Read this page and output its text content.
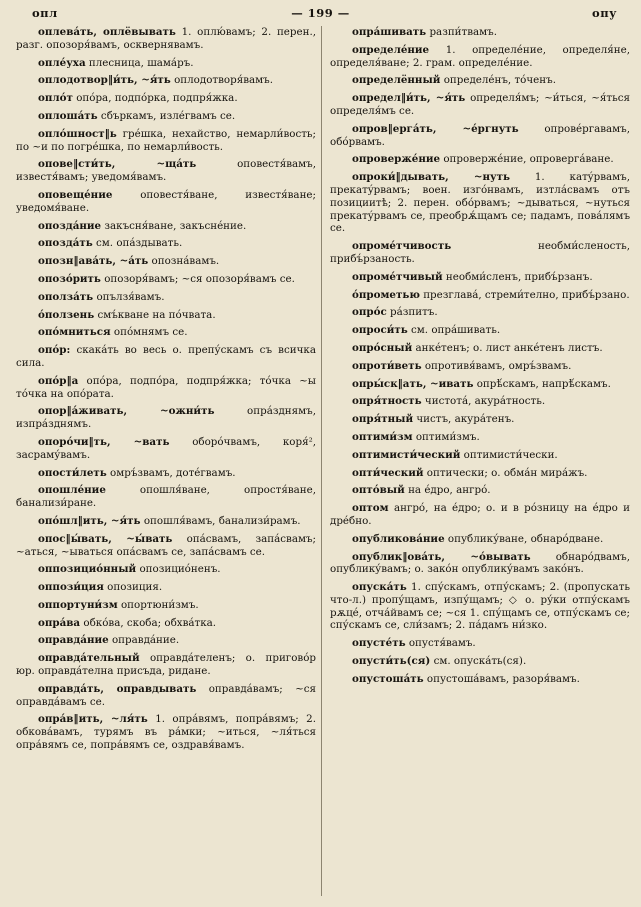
опл	— 199 —	опу

оплевáть, оплёвывать 1. оплю́вамъ; 2. перен., разг. опозоря́вамъ, осквернявамъ.

оплéуха плесница, шама́ръ.

оплодотвор‖и́ть, ~я́ть оплодотворя́вамъ.

оплóт опо́ра, подпо́рка, подпря́жка.

оплошáть сбъркамъ, изле́гвамъ се.

оплóшност‖ь гре́шка, нехайство, немарли́вость; по ~и по погре́шка, по немарли́вость.

опове‖сти́ть, ~щáть	оповестя́вамъ, известя́вамъ; уведомя́вамъ.

оповещéние	оповестя́ване, известя́ване; уведомя́ване.

опоздáние закъсня́ване, закъсне́ние.

опоздáть см. опа́здывать.

опозн‖авáть, ~áть опозна́вамъ.

опозóрить опозоря́вамъ; ~ся опозоря́вамъ се.

оползáть опълзя́вамъ.

óползень смъ́кване на по́чвата.

опóмниться опо́мнямъ се.

опóр: скака́ть во весь о. препу́скамъ съ всичка сила.

опóр‖а опо́ра, подпо́ра, подпря́жка; то́чка ~ы то́чка на опо́рата.

опор‖áживать, ~ожни́ть	опра́зднямъ, изпра́зднямъ.

опорóчи‖ть, ~вать оборо́чвамъ, коря́², засраму́вамъ.

опости́леть омръ́звамъ, доте́гвамъ.

опошлéние	опошля́ване, опростя́ване, банализи́ране.

опóшл‖ить, ~я́ть опошля́вамъ, банализи́рамъ.

опос‖ы́вать, ~ы́вать опа́свамъ, запа́свамъ; ~аться, ~ываться опа́свамъ се, запа́свамъ се.

оппозициóнный опозицио́ненъ.

оппози́ция опозиция.

оппортуни́зм опортюни́змъ.

опрáва обко́ва, скоба; обхва́тка.

оправдáние оправда́ние.

оправдáтельный оправда́теленъ; о. пригово́р юр. оправда́телна присъда, ридане.

оправдáть, оправдывать оправда́вамъ; ~ся оправда́вамъ се.

опрáв‖ить, ~ля́ть 1. опра́вямъ, попра́вямъ; 2. обкова́вамъ, турямъ въ ра́мки; ~иться, ~ля́ться опра́вямъ се, попра́вямъ се, оздравя́вамъ.

опрáшивать разпи́твамъ.

определéние 1. определе́ние, определя́не, определя́ване; 2. грам. определе́ние.

определённый определе́нъ, то́ченъ.

определ‖и́ть, ~я́ть определя́мъ; ~и́ться, ~я́ться определя́мъ се.

опров‖ергáть, ~éргнуть опрове́ргавамъ, обо́рвамъ.

опровержéние опровержéние, опроверга́ване.

опроки́‖дывать, ~нуть 1. катýрвамъ, прекатýрвамъ; воен. изгóнвамъ, изтла́свамъ отъ позициитѣ; 2. перен. обóрвамъ; ~дываться, ~нуться прекатýрвамъ се, преобрѫ́щамъ се; падамъ, повáлямъ се.

опромéтчивость	необми́сленость, прибъ́рзаность.

опромéтчивый необми́сленъ, прибъ́рзанъ.

óпрометью презглава́, стреми́телно, прибъ́рзано.

опрóс ра́зпитъ.

опроси́ть см. опра́шивать.

опрóсный анке́тенъ; о. лист анке́тенъ листъ.

опроти́веть опротивя́вамъ, омръ́звамъ.

опры́ск‖ать, ~ивать опрѣ́скамъ, напрѣ́скамъ.

опря́тность чистота́, акура́тность.

опря́тный чистъ, акура́тенъ.

оптими́зм оптими́змъ.

оптимисти́ческий оптимисти́чески.

опти́ческий оптически; о. обмáн мира́жъ.

оптóвый на е́дро, ангро́.

оптом ангро́, на е́дро; о. и в ро́зницу на е́дро и дре́бно.

опубликовáние опублику́ване, обнаро́дване.

опублик‖овáть, ~óвывать обнаро́двамъ, опублику́вамъ; о. закóн опублику́вамъ зако́нъ.

опускáть 1. спу́скамъ, отпу́скамъ; 2. (пропускать что-л.) пропу́щамъ, изпу́щамъ; ◇ о. ру́ки отпу́скамъ рѫце́, отча́йвамъ се; ~ся 1. спу́щамъ се, отпу́скамъ се; спу́скамъ се, сли́замъ; 2. па́дамъ ни́зко.

опустéть опустя́вамъ.

опусти́ть(ся) см. опуска́ть(ся).

опустошáть опустоша́вамъ, разоря́вамъ.
